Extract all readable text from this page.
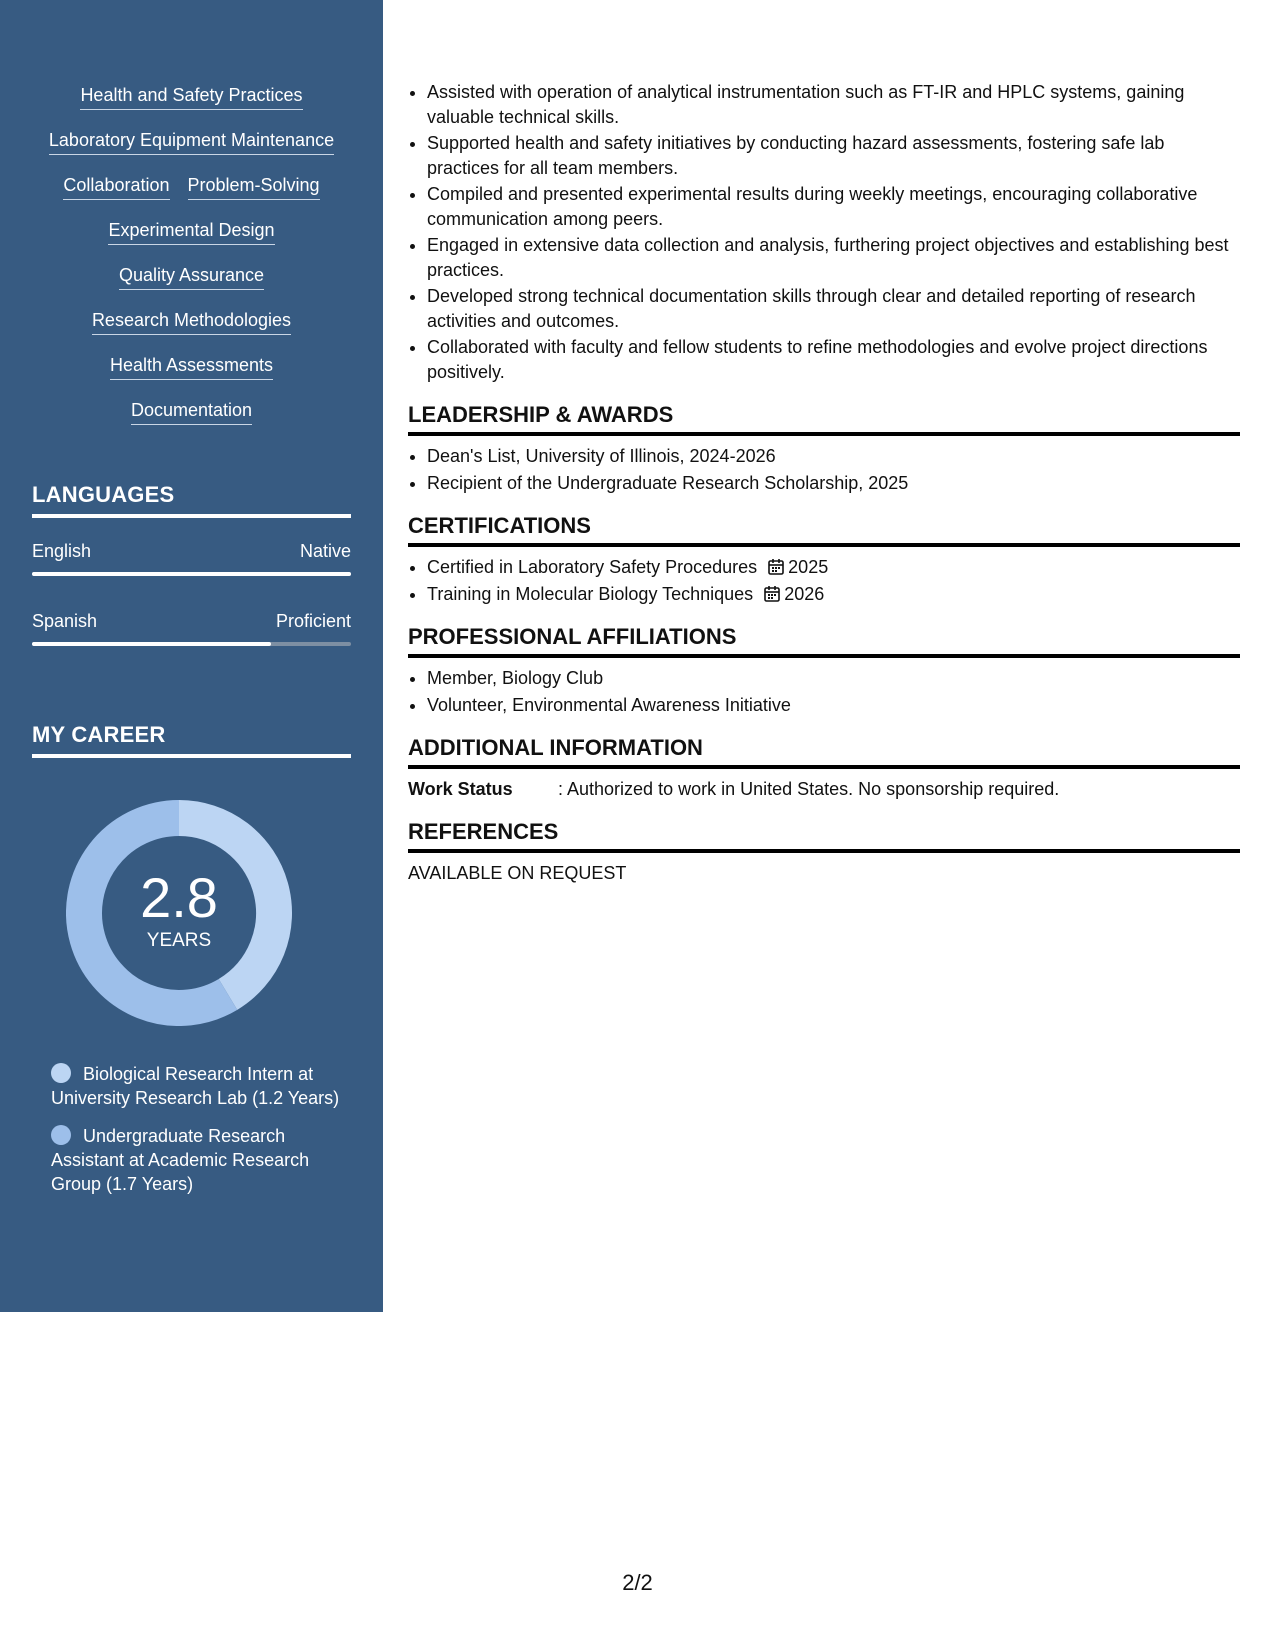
Health and Safety Practices
Laboratory Equipment Maintenance
Collaboration Problem-Solving
Experimental Design
Quality Assurance
Research Methodologies
Health Assessments
Documentation
LANGUAGES
English	Native
Spanish	Proficient
MY CAREER
2.8
YEARS
Biological Research Intern at University Research Lab (1.2 Years)
Undergraduate Research Assistant at Academic Research Group (1.7 Years)
• Assisted with operation of analytical instrumentation such as FT-IR and HPLC systems, gaining valuable technical skills.
• Supported health and safety initiatives by conducting hazard assessments, fostering safe lab practices for all team members.
• Compiled and presented experimental results during weekly meetings, encouraging collaborative communication among peers.
• Engaged in extensive data collection and analysis, furthering project objectives and establishing best practices.
• Developed strong technical documentation skills through clear and detailed reporting of research activities and outcomes.
• Collaborated with faculty and fellow students to refine methodologies and evolve project directions positively.
LEADERSHIP & AWARDS
• Dean's List, University of Illinois, 2024-2026
• Recipient of the Undergraduate Research Scholarship, 2025
CERTIFICATIONS
• Certified in Laboratory Safety Procedures 2025
• Training in Molecular Biology Techniques 2026
PROFESSIONAL AFFILIATIONS
• Member, Biology Club
• Volunteer, Environmental Awareness Initiative
ADDITIONAL INFORMATION
Work Status	: Authorized to work in United States. No sponsorship required.
REFERENCES
AVAILABLE ON REQUEST
2/2
